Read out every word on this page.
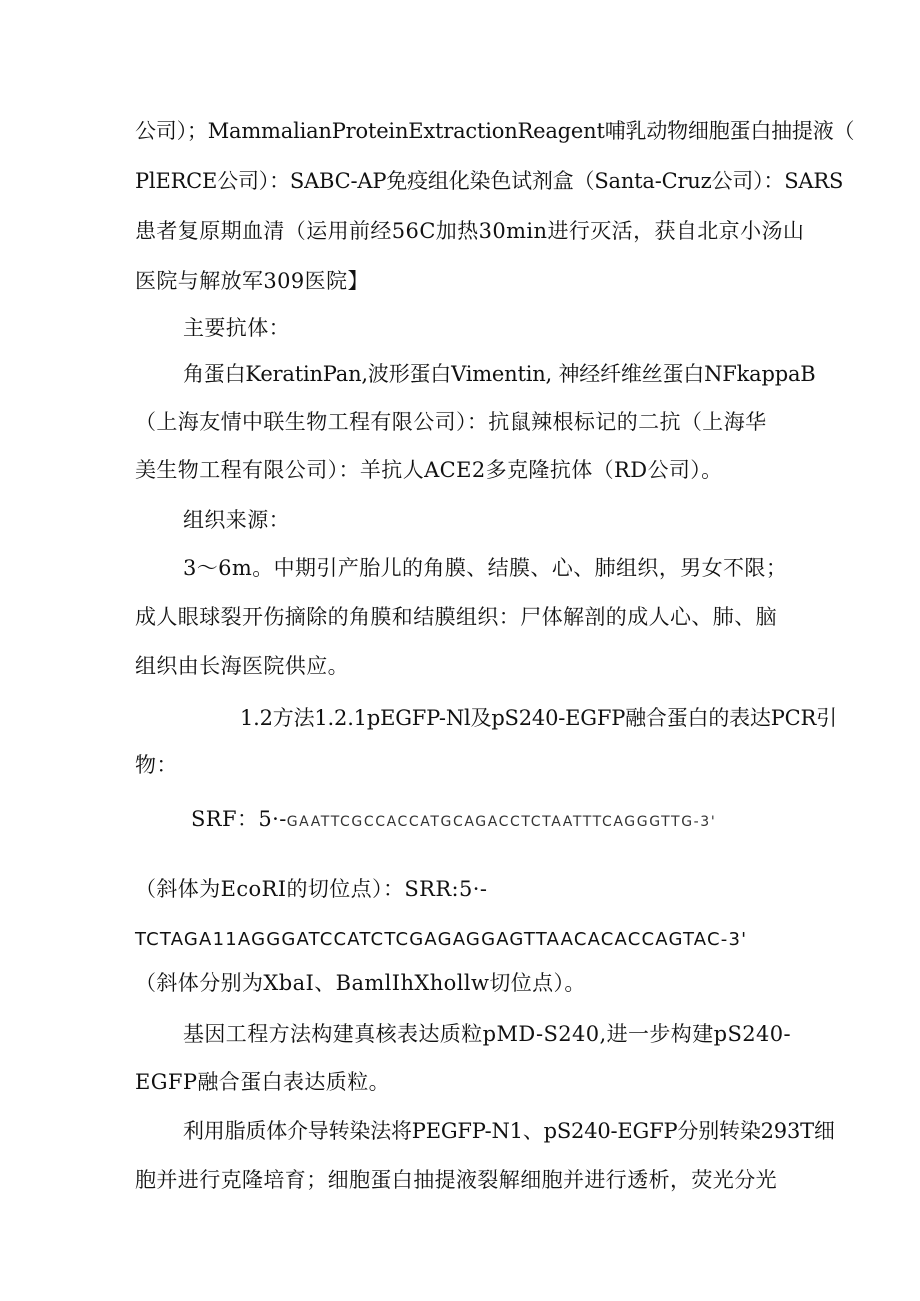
公司）；MammalianProteinExtractionReagent哺乳动物细胞蛋白抽提液（
PlERCE公司）：SABC-AP免疫组化染色试剂盒（Santa-Cruz公司）：SARS
患者复原期血清（运用前经56C加热30min进行灭活，获自北京小汤山
医院与解放军309医院】
主要抗体：
角蛋白KeratinPan,波形蛋白Vimentin, 神经纤维丝蛋白NFkappaB
（上海友情中联生物工程有限公司）：抗鼠辣根标记的二抗（上海华
美生物工程有限公司）：羊抗人ACE2多克隆抗体（RD公司）。
组织来源：
3～6m。中期引产胎儿的角膜、结膜、心、肺组织，男女不限；
成人眼球裂开伤摘除的角膜和结膜组织：尸体解剖的成人心、肺、脑
组织由长海医院供应。
1.2方法1.2.1pEGFP-Nl及pS240-EGFP融合蛋白的表达PCR引
物：
SRF：5·-GAATTCGCCACCATGCAGACCTCTAATTTCAGGGTTG-3'
（斜体为EcoRI的切位点）：SRR:5·-
TCTAGA11AGGGATCCATCTCGAGAGGAGTTAACACACCAGTAC-3'
（斜体分别为XbaI、BamlIhXhollw切位点）。
基因工程方法构建真核表达质粒pMD-S240,进一步构建pS240-
EGFP融合蛋白表达质粒。
利用脂质体介导转染法将PEGFP-N1、pS240-EGFP分别转染293T细
胞并进行克隆培育；细胞蛋白抽提液裂解细胞并进行透析，荧光分光
